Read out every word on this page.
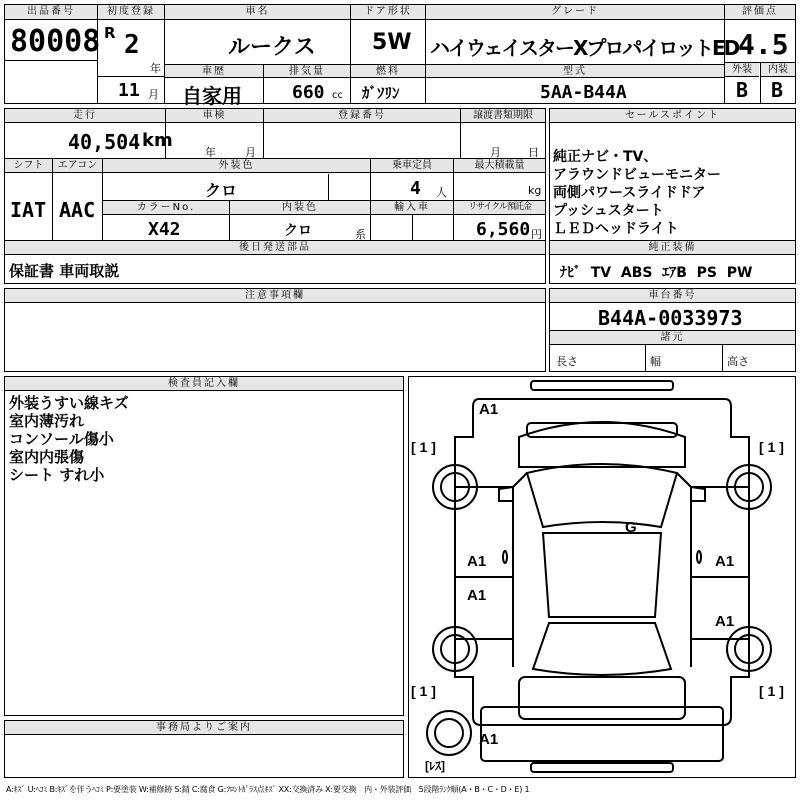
出品番号
80008
初度登録
R 2
年
11 月
車名
ルークス
ドア形状
5W
グレード
ハイウェイスターXプロパイロットED
評価点
4.5
外装	内装
B B
車歴	排気量	燃料	型式
自家用	660 cc ｶﾞｿﾘﾝ	5AA-B44A
走行
40,504 km
車検
年	月
登録番号	譲渡書類期限
月 日
シフト	エアコン
IAT AAC
外装色
クロ
乗車定員
4 人
最大積載量
kg
カラーNo.
X42
内装色
クロ	系
輸入車	リサイクル預託金
6,560 円
後日発送部品
保証書 車両取説
セールスポイント
純正ナビ・TV、
アラウンドビューモニター
両側パワースライドドア
プッシュスタート
ＬＥＤヘッドライト
純正装備
ﾅﾋﾞ  TV  ABS  ｴｱB  PS  PW
注意事項欄	車台番号
B44A-0033973
諸元
長さ	幅	高さ
検査員記入欄
外装うすい線キズ
室内薄汚れ
コンソール傷小
室内内張傷
シート すれ小
事務局よりご案内
A1
[ 1 ]	[ 1 ]
G
A1
A1
A1
A1
[ 1 ]	[ 1 ]
A1
[ﾚｽ]
A:ｷｽﾞ U:ﾍｺﾐ B:ｷｽﾞを伴うﾍｺﾐ P:要塗装 W:補修跡 S:錆 C:腐食 G:ﾌﾛﾝﾄｶﾞﾗｽ点ｷｽﾞ XX:交換済み X:要交換　内・外装評価　5段階ﾗﾝｸ順(A・B・C・D・E) 1
